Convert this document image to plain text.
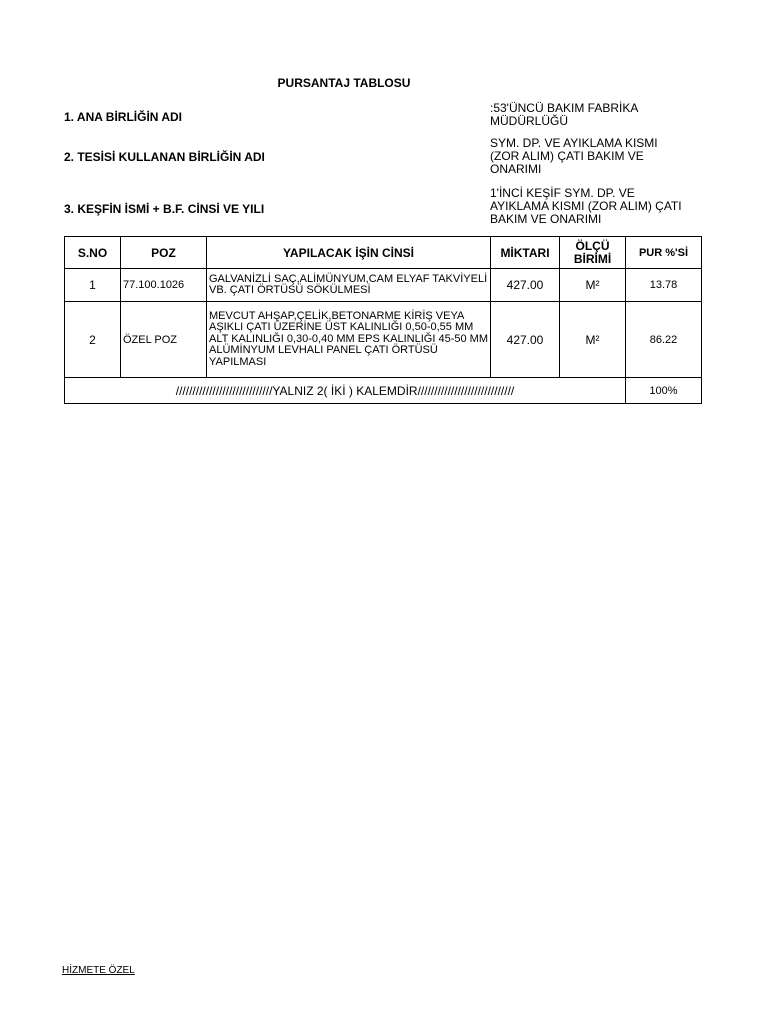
PURSANTAJ TABLOSU
1. ANA BİRLİĞİN ADI
:53'ÜNCÜ BAKIM FABRİKA MÜDÜRLÜĞÜ
2. TESİSİ KULLANAN BİRLİĞİN ADI
SYM. DP. VE AYIKLAMA KISMI (ZOR ALIM) ÇATI BAKIM VE ONARIMI
3. KEŞFİN İSMİ + B.F. CİNSİ VE YILI
1'İNCİ KEŞİF SYM. DP. VE AYIKLAMA KISMI (ZOR ALIM) ÇATI BAKIM VE ONARIMI
S.NO	POZ	YAPILACAK İŞİN CİNSİ	MİKTARI	ÖLÇÜ BİRİMİ	PUR %'Sİ
1	77.100.1026	GALVANİZLİ SAÇ,ALİMÜNYUM,CAM ELYAF TAKVİYELİ VB. ÇATI ÖRTÜSÜ SÖKÜLMESİ	427.00	M²	13.78
2	ÖZEL POZ	MEVCUT AHŞAP,ÇELİK,BETONARME KİRİŞ VEYA AŞIKLI ÇATI ÜZERİNE ÜST KALINLIĞI 0,50-0,55 MM ALT KALINLIĞI 0,30-0,40 MM EPS KALINLIĞI 45-50 MM ALÜMİNYUM LEVHALI PANEL ÇATI ÖRTÜSÜ YAPILMASI	427.00	M²	86.22
/////////////////////////////YALNIZ 2( İKİ ) KALEMDİR/////////////////////////////					100%
HİZMETE ÖZEL
